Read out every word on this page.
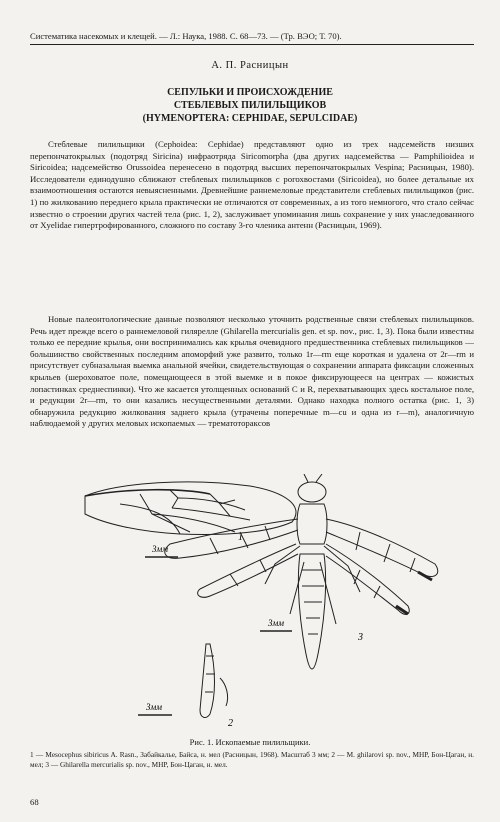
Систематика насекомых и клещей. — Л.: Наука, 1988. С. 68—73. — (Тр. ВЭО; Т. 70).
А. П. Расницын
СЕПУЛЬКИ И ПРОИСХОЖДЕНИЕ
СТЕБЛЕВЫХ ПИЛИЛЬЩИКОВ
(HYMENOPTERA: CEPHIDAE, SEPULCIDAE)

Стеблевые пилильщики (Cephoidea: Cephidae) представляют одно из трех надсемейств низших перепончатокрылых (подотряд Siricina) инфраотряда Siricomorpha (два других надсемейства — Pamphilioidea и Siricoidea; надсемейство Orussoidea перенесено в подотряд высших перепончатокрылых Vespina; Расницын, 1980). Исследователи единодушно сближают стеблевых пилильщиков с рогохвостами (Siricoidea), но более детальные их взаимоотношения остаются невыясненными. Древнейшие раннемеловые представители стеблевых пилильщиков (рис. 1) по жилкованию переднего крыла практически не отличаются от современных, а из того немногого, что стало сейчас известно о строении других частей тела (рис. 1, 2), заслуживает упоминания лишь сохранение у них унаследованного от Xyelidae гипертрофированного, сложного по составу 3-го членика антенн (Расницын, 1969).

Новые палеонтологические данные позволяют несколько уточнить родственные связи стеблевых пилильщиков. Речь идет прежде всего о раннемеловой гиляреллe (Ghilarella mercurialis gen. et sp. nov., рис. 1, 3). Пока были известны только ее передние крылья, они воспринимались как крылья очевидного предшественника стеблевых пилильщиков — большинство свойственных последним апоморфий уже развито, только 1r—rm еще короткая и удалена от 2r—rm и присутствует субназальная выемка анальной ячейки, свидетельствующая о сохранении аппарата фиксации сложенных крыльев (шероховатое поле, помещающееся в этой выемке и в покое фиксирующееся на центрах — кожистых лопастинках среднеспинки). Что же касается утолщенных оснований C и R, перехватывающих здесь костальное поле, и редукции 2r—rm, то они казались несущественными деталями. Однако находка полного остатка (рис. 1, 3) обнаружила редукцию жилкования заднего крыла (утрачены поперечные m—cu и одна из r—m), аналогичную наблюдаемой у других меловых ископаемых — трематоторакcов

3мм
1
3мм
3
3мм
2
Рис. 1. Ископаемые пилильщики.
1 — Mesocephus sibiricus A. Rasn., Забайкалье, Байса, н. мел (Расницын, 1968). Масштаб 3 мм; 2 — M. ghilarovi sp. nov., МНР, Бон-Цаган, н. мел; 3 — Ghilarella mercurialis sp. nov., МНР, Бон-Цаган, н. мел.
68
